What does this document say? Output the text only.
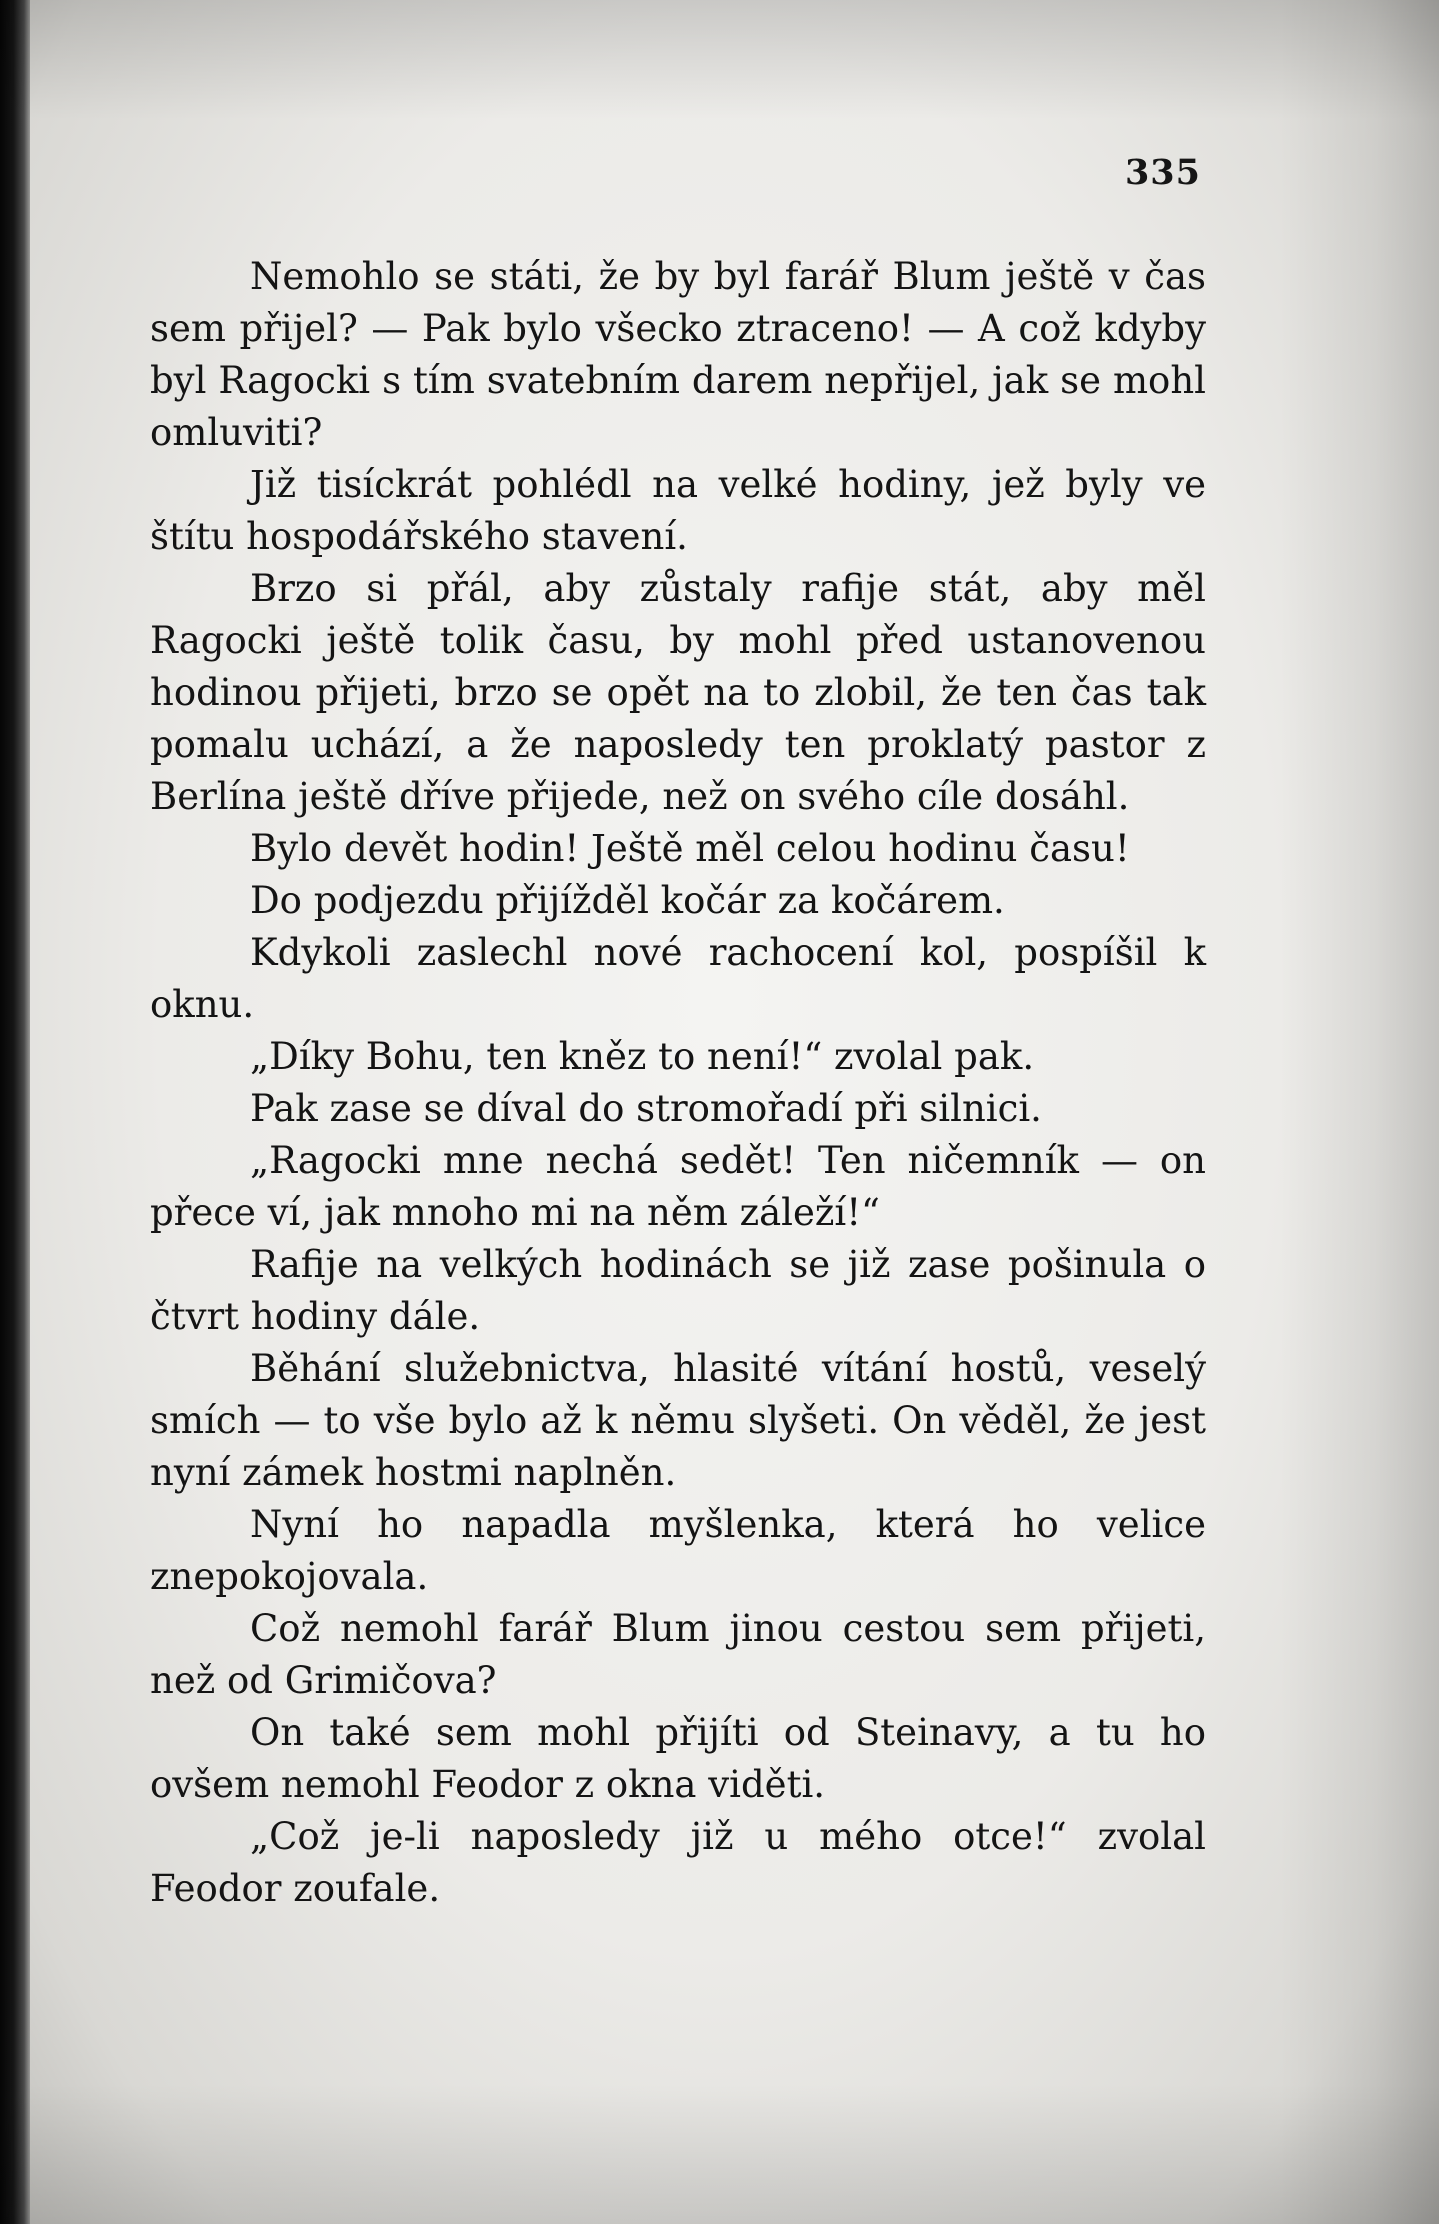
335

Nemohlo se státi, že by byl farář Blum ještě v čas sem přijel? — Pak bylo všecko ztraceno! — A což kdyby byl Ragocki s tím svatebním darem nepřijel, jak se mohl omluviti?

Již tisíckrát pohlédl na velké hodiny, jež byly ve štítu hospodářského stavení.

Brzo si přál, aby zůstaly rafije stát, aby měl Ragocki ještě tolik času, by mohl před ustanovenou hodinou přijeti, brzo se opět na to zlobil, že ten čas tak pomalu uchází, a že naposledy ten proklatý pastor z Berlína ještě dříve přijede, než on svého cíle dosáhl.

Bylo devět hodin! Ještě měl celou hodinu času!

Do podjezdu přijížděl kočár za kočárem.

Kdykoli zaslechl nové rachocení kol, pospíšil k oknu.

„Díky Bohu, ten kněz to není!“ zvolal pak.

Pak zase se díval do stromořadí při silnici.

„Ragocki mne nechá sedět! Ten ničemník — on přece ví, jak mnoho mi na něm záleží!“

Rafije na velkých hodinách se již zase pošinula o čtvrt hodiny dále.

Běhání služebnictva, hlasité vítání hostů, veselý smích — to vše bylo až k němu slyšeti. On věděl, že jest nyní zámek hostmi naplněn.

Nyní ho napadla myšlenka, která ho velice znepokojovala.

Což nemohl farář Blum jinou cestou sem přijeti, než od Grimičova?

On také sem mohl přijíti od Steinavy, a tu ho ovšem nemohl Feodor z okna viděti.

„Což je-li naposledy již u mého otce!“ zvolal Feodor zoufale.
